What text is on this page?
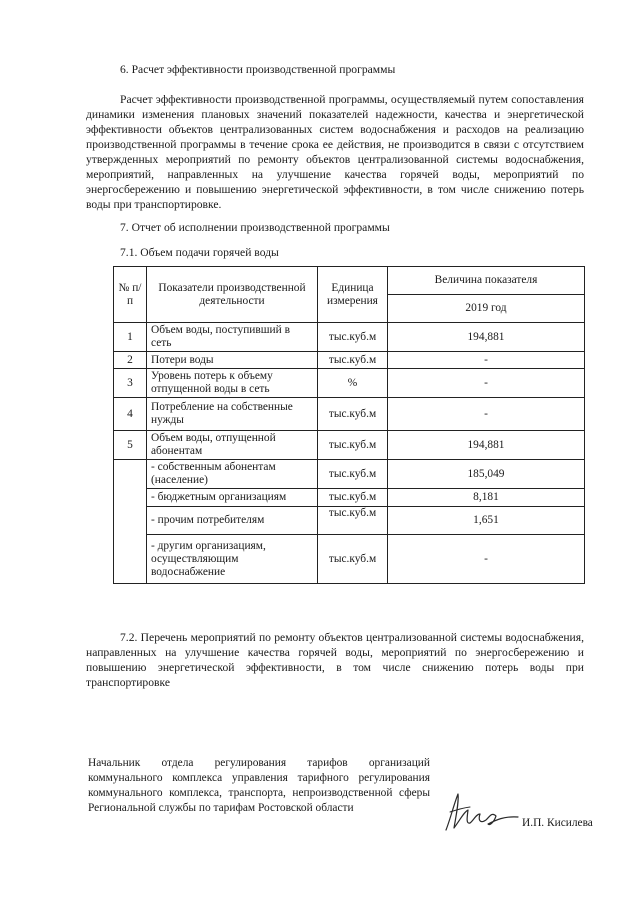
6. Расчет эффективности производственной программы
Расчет эффективности производственной программы, осуществляемый путем сопоставления динамики изменения плановых значений показателей надежности, качества и энергетической эффективности объектов централизованных систем водоснабжения и расходов на реализацию производственной программы в течение срока ее действия, не производится в связи с отсутствием утвержденных мероприятий по ремонту объектов централизованной системы водоснабжения, мероприятий, направленных на улучшение качества горячей воды, мероприятий по энергосбережению и повышению энергетической эффективности, в том числе снижению потерь воды при транспортировке.
7. Отчет об исполнении производственной программы
7.1. Объем подачи горячей воды
№ п/п	Показатели производственной деятельности	Единица измерения	Величина показателя
			2019 год
1	Объем воды, поступивший в сеть	тыс.куб.м	194,881
2	Потери воды	тыс.куб.м	-
3	Уровень потерь к объему отпущенной воды в сеть	%	-
4	Потребление на собственные нужды	тыс.куб.м	-
5	Объем воды, отпущенной абонентам	тыс.куб.м	194,881
	- собственным абонентам (население)	тыс.куб.м	185,049
	- бюджетным организациям	тыс.куб.м	8,181
	- прочим потребителям	тыс.куб.м	1,651
	- другим организациям, осуществляющим водоснабжение	тыс.куб.м	-
7.2. Перечень мероприятий по ремонту объектов централизованной системы водоснабжения, направленных на улучшение качества горячей воды, мероприятий по энергосбережению и повышению энергетической эффективности, в том числе снижению потерь воды при транспортировке
Начальник отдела регулирования тарифов организаций коммунального комплекса управления тарифного регулирования коммунального комплекса, транспорта, непроизводственной сферы Региональной службы по тарифам Ростовской области
И.П. Кисилева
